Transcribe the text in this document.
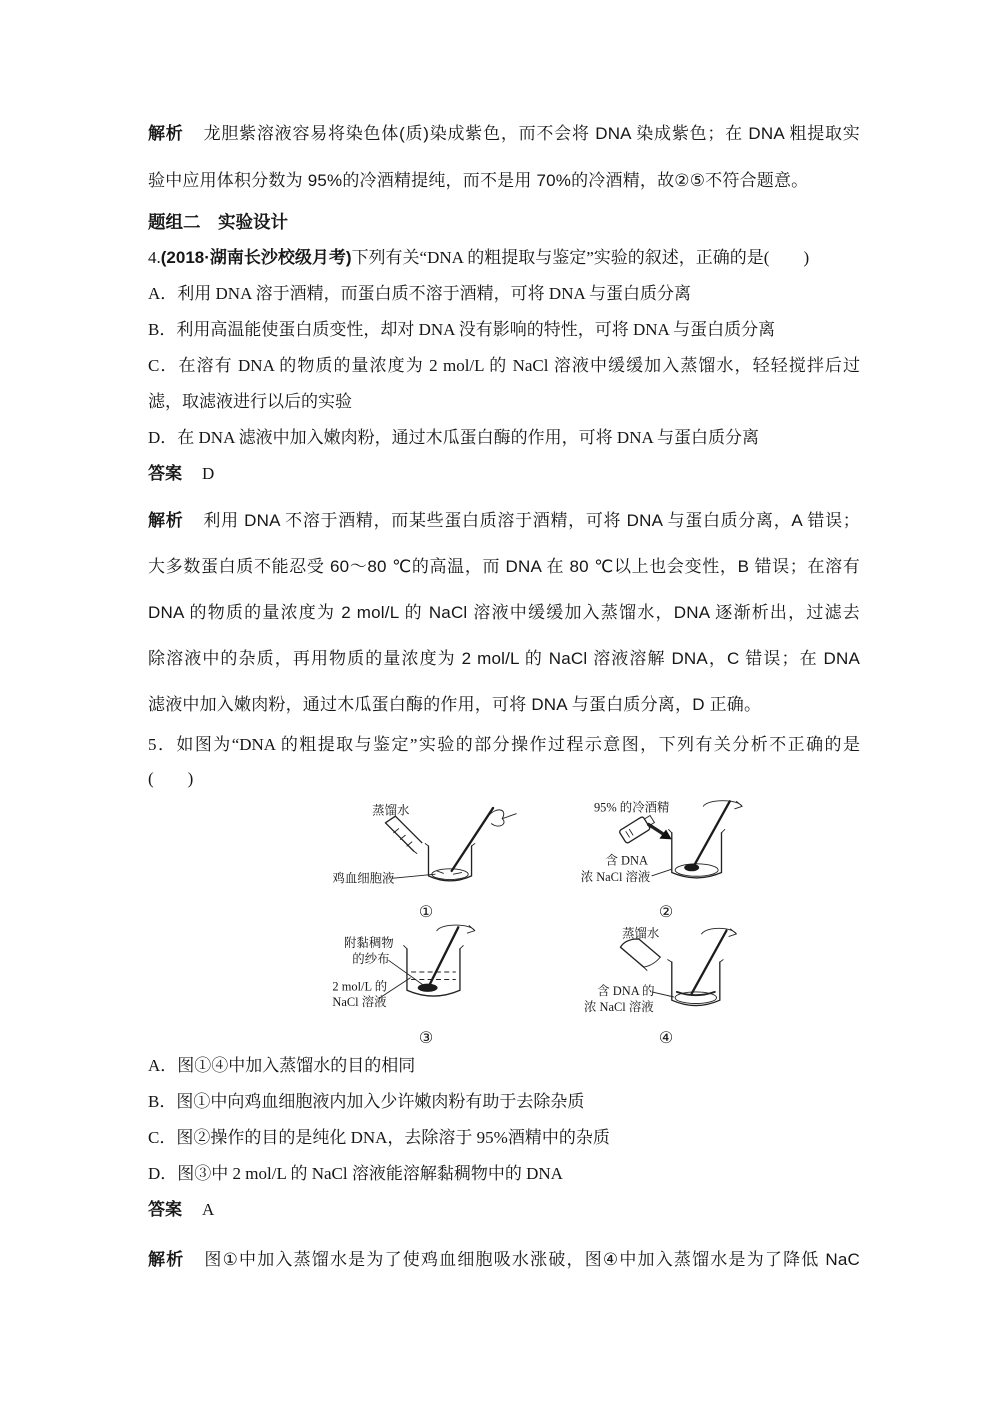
解析 龙胆紫溶液容易将染色体(质)染成紫色，而不会将 DNA 染成紫色；在 DNA 粗提取实
验中应用体积分数为 95%的冷酒精提纯，而不是用 70%的冷酒精，故②⑤不符合题意。
题组二　实验设计
4.(2018·湖南长沙校级月考)下列有关“DNA 的粗提取与鉴定”实验的叙述，正确的是(　　)
A．利用 DNA 溶于酒精，而蛋白质不溶于酒精，可将 DNA 与蛋白质分离
B．利用高温能使蛋白质变性，却对 DNA 没有影响的特性，可将 DNA 与蛋白质分离
C．在溶有 DNA 的物质的量浓度为 2 mol/L 的 NaCl 溶液中缓缓加入蒸馏水，轻轻搅拌后过
滤，取滤液进行以后的实验
D．在 DNA 滤液中加入嫩肉粉，通过木瓜蛋白酶的作用，可将 DNA 与蛋白质分离
答案 D
解析 利用 DNA 不溶于酒精，而某些蛋白质溶于酒精，可将 DNA 与蛋白质分离，A 错误；
大多数蛋白质不能忍受 60～80 ℃的高温，而 DNA 在 80 ℃以上也会变性，B 错误；在溶有
DNA 的物质的量浓度为 2 mol/L 的 NaCl 溶液中缓缓加入蒸馏水，DNA 逐渐析出，过滤去
除溶液中的杂质，再用物质的量浓度为 2 mol/L 的 NaCl 溶液溶解 DNA，C 错误；在 DNA
滤液中加入嫩肉粉，通过木瓜蛋白酶的作用，可将 DNA 与蛋白质分离，D 正确。
5．如图为“DNA 的粗提取与鉴定”实验的部分操作过程示意图，下列有关分析不正确的是
(　　)
蒸馏水
鸡血细胞液
①
95% 的冷酒精
含 DNA
浓 NaCl 溶液
②
附黏稠物
的纱布
2 mol/L 的
NaCl 溶液
③
蒸馏水
含 DNA 的
浓 NaCl 溶液
④
A．图①④中加入蒸馏水的目的相同
B．图①中向鸡血细胞液内加入少许嫩肉粉有助于去除杂质
C．图②操作的目的是纯化 DNA，去除溶于 95%酒精中的杂质
D．图③中 2 mol/L 的 NaCl 溶液能溶解黏稠物中的 DNA
答案 A
解析 图①中加入蒸馏水是为了使鸡血细胞吸水涨破，图④中加入蒸馏水是为了降低 NaC
